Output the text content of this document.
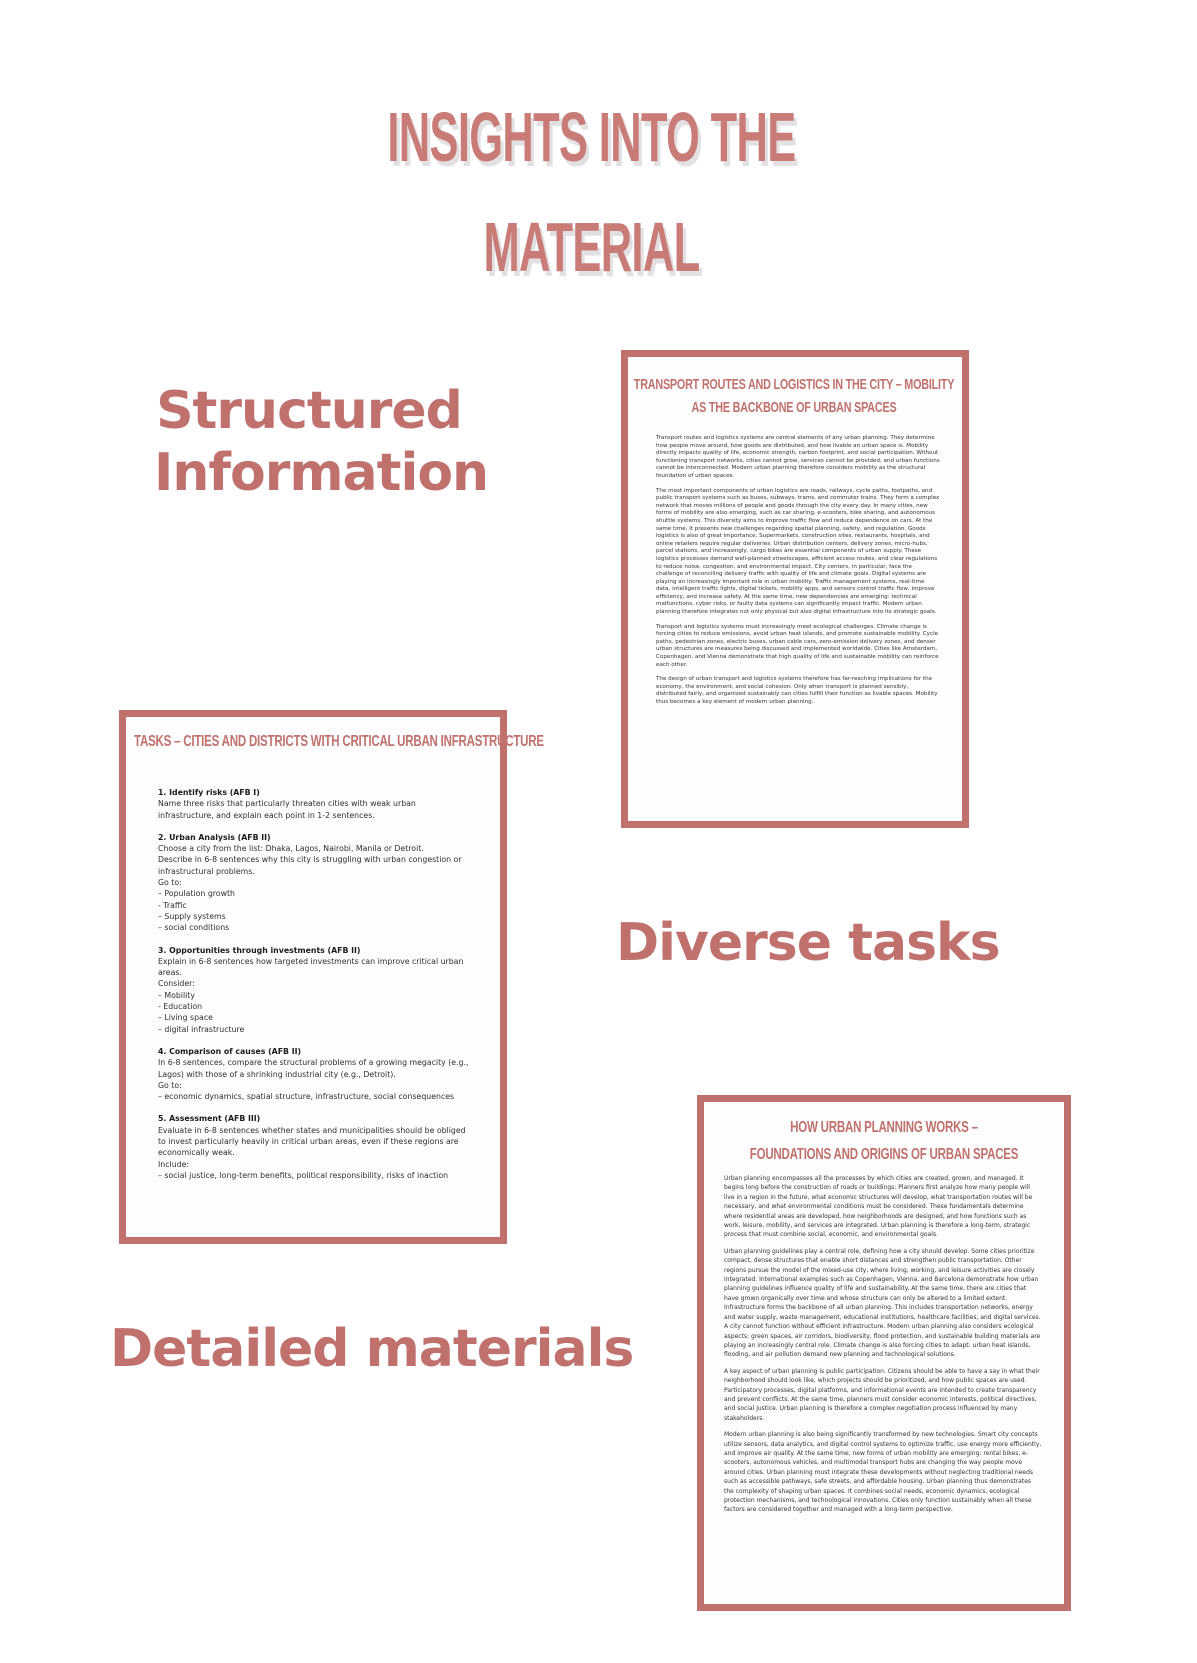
INSIGHTS INTO THE
MATERIAL
Structured
Information
TRANSPORT ROUTES AND LOGISTICS IN THE CITY – MOBILITY AS THE BACKBONE OF URBAN SPACES

Transport routes and logistics systems are central elements of any urban planning. They determine how people move around, how goods are distributed, and how livable an urban space is. Mobility directly impacts quality of life, economic strength, carbon footprint, and social participation. Without functioning transport networks, cities cannot grow, services cannot be provided, and urban functions cannot be interconnected. Modern urban planning therefore considers mobility as the structural foundation of urban spaces.

The most important components of urban logistics are roads, railways, cycle paths, footpaths, and public transport systems such as buses, subways, trams, and commuter trains. They form a complex network that moves millions of people and goods through the city every day. In many cities, new forms of mobility are also emerging, such as car sharing, e-scooters, bike sharing, and autonomous shuttle systems. This diversity aims to improve traffic flow and reduce dependence on cars. At the same time, it presents new challenges regarding spatial planning, safety, and regulation. Goods logistics is also of great importance. Supermarkets, construction sites, restaurants, hospitals, and online retailers require regular deliveries. Urban distribution centers, delivery zones, micro-hubs, parcel stations, and increasingly, cargo bikes are essential components of urban supply. These logistics processes demand well-planned streetscapes, efficient access routes, and clear regulations to reduce noise, congestion, and environmental impact. City centers, in particular, face the challenge of reconciling delivery traffic with quality of life and climate goals. Digital systems are playing an increasingly important role in urban mobility. Traffic management systems, real-time data, intelligent traffic lights, digital tickets, mobility apps, and sensors control traffic flow, improve efficiency, and increase safety. At the same time, new dependencies are emerging: technical malfunctions, cyber risks, or faulty data systems can significantly impact traffic. Modern urban planning therefore integrates not only physical but also digital infrastructure into its strategic goals.

Transport and logistics systems must increasingly meet ecological challenges. Climate change is forcing cities to reduce emissions, avoid urban heat islands, and promote sustainable mobility. Cycle paths, pedestrian zones, electric buses, urban cable cars, zero-emission delivery zones, and denser urban structures are measures being discussed and implemented worldwide. Cities like Amsterdam, Copenhagen, and Vienna demonstrate that high quality of life and sustainable mobility can reinforce each other.

The design of urban transport and logistics systems therefore has far-reaching implications for the economy, the environment, and social cohesion. Only when transport is planned sensibly, distributed fairly, and organized sustainably can cities fulfill their function as livable spaces. Mobility thus becomes a key element of modern urban planning.

TASKS – CITIES AND DISTRICTS WITH CRITICAL URBAN INFRASTRUCTURE
1. Identify risks (AFB I)
Name three risks that particularly threaten cities with weak urban
infrastructure, and explain each point in 1-2 sentences.
2. Urban Analysis (AFB II)
Choose a city from the list: Dhaka, Lagos, Nairobi, Manila or Detroit.
Describe in 6-8 sentences why this city is struggling with urban congestion or
infrastructural problems.
Go to:
– Population growth
- Traffic
– Supply systems
– social conditions
3. Opportunities through investments (AFB II)
Explain in 6-8 sentences how targeted investments can improve critical urban
areas.
Consider:
– Mobility
- Education
– Living space
– digital infrastructure
4. Comparison of causes (AFB II)
In 6-8 sentences, compare the structural problems of a growing megacity (e.g.,
Lagos) with those of a shrinking industrial city (e.g., Detroit).
Go to:
– economic dynamics, spatial structure, infrastructure, social consequences
5. Assessment (AFB III)
Evaluate in 6-8 sentences whether states and municipalities should be obliged
to invest particularly heavily in critical urban areas, even if these regions are
economically weak.
Include:
– social justice, long-term benefits, political responsibility, risks of inaction
Diverse tasks
HOW URBAN PLANNING WORKS –
FOUNDATIONS AND ORIGINS OF URBAN SPACES

Urban planning encompasses all the processes by which cities are created, grown, and managed. It begins long before the construction of roads or buildings: Planners first analyze how many people will live in a region in the future, what economic structures will develop, what transportation routes will be necessary, and what environmental conditions must be considered. These fundamentals determine where residential areas are developed, how neighborhoods are designed, and how functions such as work, leisure, mobility, and services are integrated. Urban planning is therefore a long-term, strategic process that must combine social, economic, and environmental goals.

Urban planning guidelines play a central role, defining how a city should develop. Some cities prioritize compact, dense structures that enable short distances and strengthen public transportation. Other regions pursue the model of the mixed-use city, where living, working, and leisure activities are closely integrated. International examples such as Copenhagen, Vienna, and Barcelona demonstrate how urban planning guidelines influence quality of life and sustainability. At the same time, there are cities that have grown organically over time and whose structure can only be altered to a limited extent. Infrastructure forms the backbone of all urban planning. This includes transportation networks, energy and water supply, waste management, educational institutions, healthcare facilities, and digital services. A city cannot function without efficient infrastructure. Modern urban planning also considers ecological aspects: green spaces, air corridors, biodiversity, flood protection, and sustainable building materials are playing an increasingly central role. Climate change is also forcing cities to adapt: urban heat islands, flooding, and air pollution demand new planning and technological solutions.

A key aspect of urban planning is public participation. Citizens should be able to have a say in what their neighborhood should look like, which projects should be prioritized, and how public spaces are used. Participatory processes, digital platforms, and informational events are intended to create transparency and prevent conflicts. At the same time, planners must consider economic interests, political directives, and social justice. Urban planning is therefore a complex negotiation process influenced by many stakeholders.

Modern urban planning is also being significantly transformed by new technologies. Smart city concepts utilize sensors, data analytics, and digital control systems to optimize traffic, use energy more efficiently, and improve air quality. At the same time, new forms of urban mobility are emerging: rental bikes, e-scooters, autonomous vehicles, and multimodal transport hubs are changing the way people move around cities. Urban planning must integrate these developments without neglecting traditional needs such as accessible pathways, safe streets, and affordable housing. Urban planning thus demonstrates the complexity of shaping urban spaces. It combines social needs, economic dynamics, ecological protection mechanisms, and technological innovations. Cities only function sustainably when all these factors are considered together and managed with a long-term perspective.

Detailed materials
